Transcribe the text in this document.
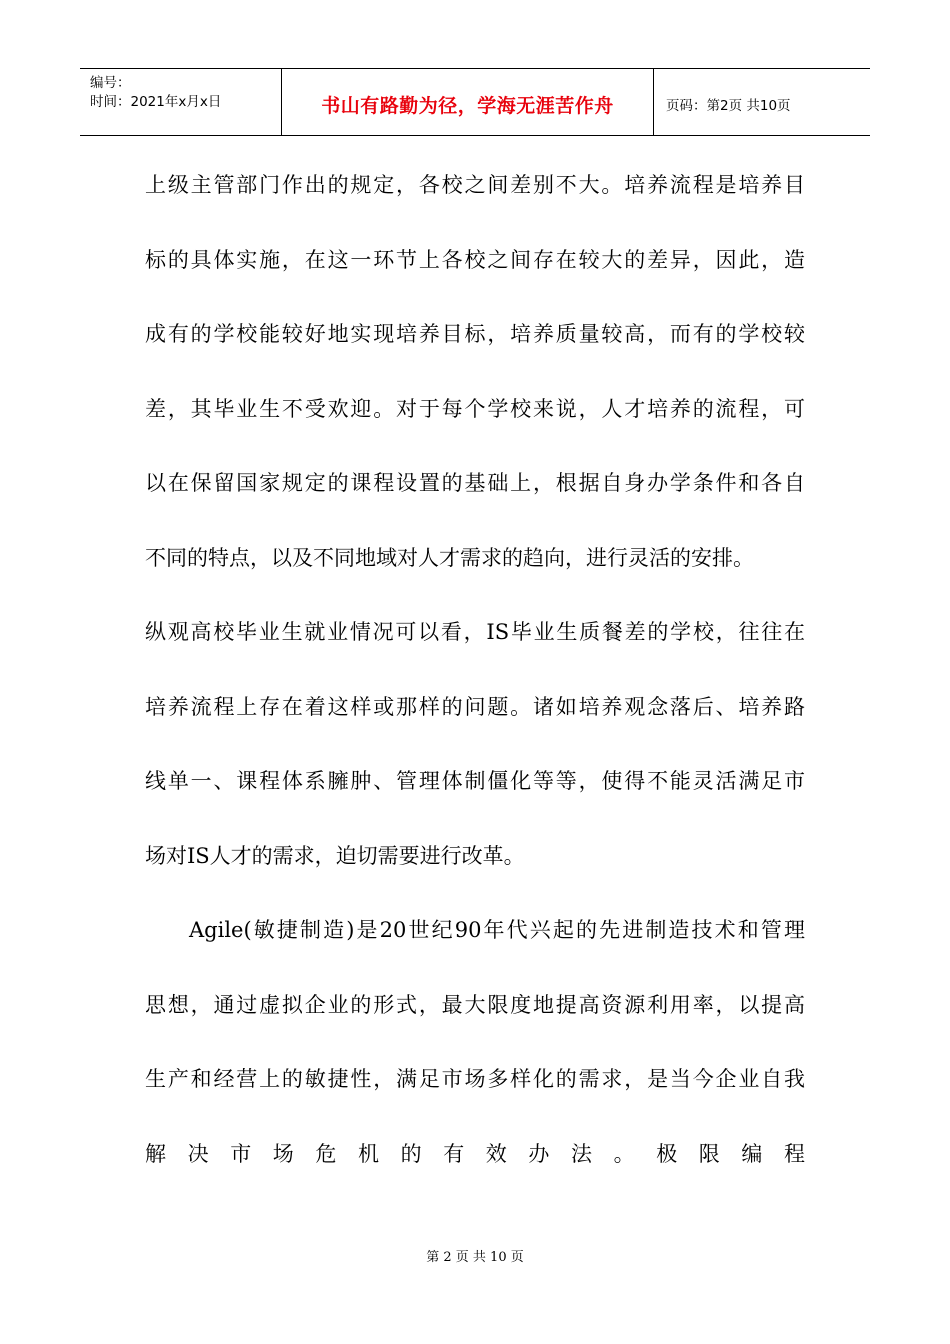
编号：
时间：2021年x月x日	书山有路勤为径，学海无涯苦作舟	页码：第2页 共10页
上级主管部门作出的规定，各校之间差别不大。培养流程是培养目
标的具体实施，在这一环节上各校之间存在较大的差异，因此，造
成有的学校能较好地实现培养目标，培养质量较高，而有的学校较
差，其毕业生不受欢迎。对于每个学校来说，人才培养的流程，可
以在保留国家规定的课程设置的基础上，根据自身办学条件和各自
不同的特点，以及不同地域对人才需求的趋向，进行灵活的安排。
纵观高校毕业生就业情况可以看，IS毕业生质餐差的学校，往往在
培养流程上存在着这样或那样的问题。诸如培养观念落后、培养路
线单一、课程体系臃肿、管理体制僵化等等，使得不能灵活满足市
场对IS人才的需求，迫切需要进行改革。
Agile(敏捷制造)是20世纪90年代兴起的先进制造技术和管理
思想，通过虚拟企业的形式，最大限度地提高资源利用率，以提高
生产和经营上的敏捷性，满足市场多样化的需求，是当今企业自我
解决市场危机的有效办法。极限编程
第 2 页 共 10 页
